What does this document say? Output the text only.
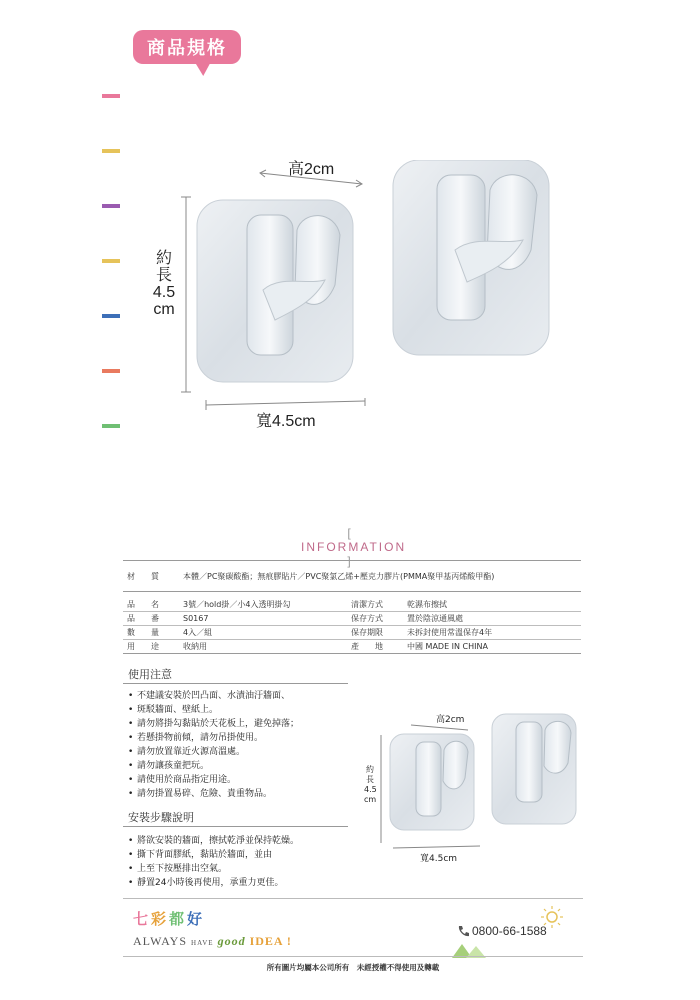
商品規格
高2cm
約
長
4.5
cm
寬4.5cm
[    INFORMATION    ]
材　　質	本體／PC聚碳酸酯；無痕膠貼片／PVC聚氯乙烯+壓克力膠片(PMMA聚甲基丙烯酸甲酯)		
品　　名	3號／hold掛／小4入透明掛勾	清潔方式	乾濕布擦拭
品　　番	S0167	保存方式	置於陰涼通風處
數　　量	4入／組	保存期限	未拆封使用常溫保存4年
用　　途	收納用	產　　地	中國 MADE IN CHINA
使用注意
• 不建議安裝於凹凸面、水漬油汙牆面、
• 斑駁牆面、壁紙上。
• 請勿將掛勾黏貼於天花板上，避免掉落；
• 若懸掛物前傾，請勿吊掛使用。
• 請勿放置靠近火源高溫處。
• 請勿讓孩童把玩。
• 請使用於商品指定用途。
• 請勿掛置易碎、危險、貴重物品。
安裝步驟說明
• 將欲安裝的牆面，擦拭乾淨並保持乾燥。
• 撕下背面膠紙，黏貼於牆面，並由
• 上至下按壓排出空氣。
• 靜置24小時後再使用，承重力更佳。
高2cm
約
長
4.5
cm
寬4.5cm
七彩都好
ALWAYS HAVE good IDEA !
0800-66-1588
所有圖片均屬本公司所有　未經授權不得使用及轉載
